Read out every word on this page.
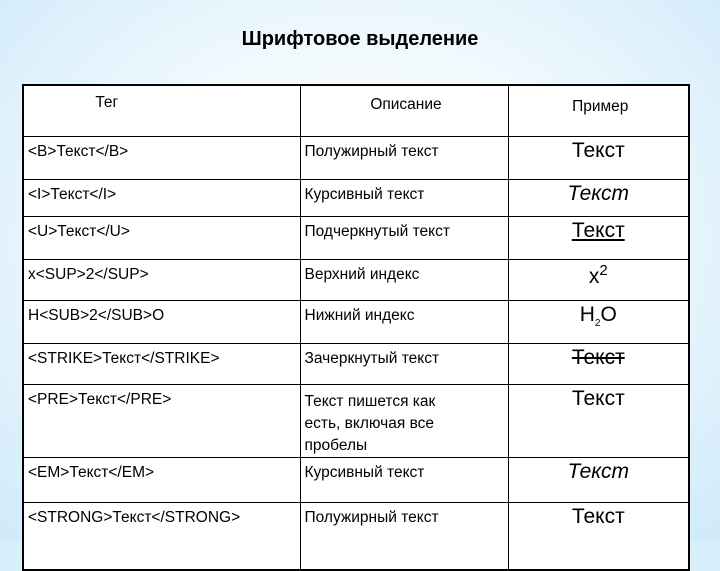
Шрифтовое выделение
Тег	Описание	Пример
<B>Текст</B>	Полужирный текст	Текст
<I>Текст</I>	Курсивный текст	Текст
<U>Текст</U>	Подчеркнутый текст	Текст
x<SUP>2</SUP>	Верхний индекс	$x^2$
H<SUB>2</SUB>O	Нижний индекс	$H_2O$
<STRIKE>Текст</STRIKE>	Зачеркнутый текст	Текст
<PRE>Текст</PRE>	Текст пишется как
есть, включая все
пробелы	Текст
<EM>Текст</EM>	Курсивный текст	Текст
<STRONG>Текст</STRONG>	Полужирный текст	Текст
